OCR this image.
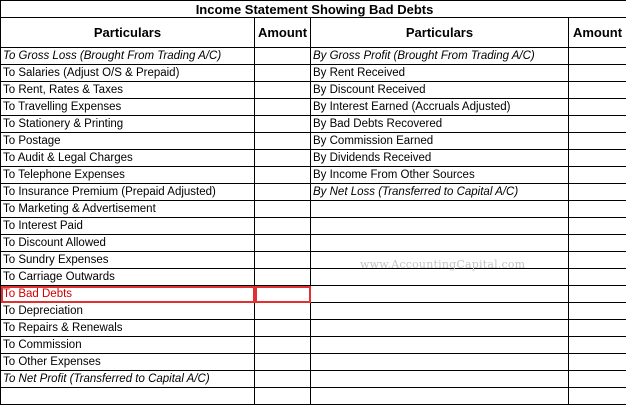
Income Statement Showing Bad Debts			
Particulars	Amount	Particulars	Amount
To Gross Loss (Brought From Trading A/C)		By Gross Profit (Brought From Trading A/C)	
To Salaries (Adjust O/S & Prepaid)		By Rent Received	
To Rent, Rates & Taxes		By Discount Received	
To Travelling Expenses		By Interest Earned (Accruals Adjusted)	
To Stationery & Printing		By Bad Debts Recovered	
To Postage		By Commission Earned	
To Audit & Legal Charges		By Dividends Received	
To Telephone Expenses		By Income From Other Sources	
To Insurance Premium (Prepaid Adjusted)		By Net Loss (Transferred to Capital A/C)	
To Marketing & Advertisement			
To Interest Paid			
To Discount Allowed			
To Sundry Expenses			
To Carriage Outwards			
To Bad Debts			
To Depreciation			
To Repairs & Renewals			
To Commission			
To Other Expenses			
To Net Profit (Transferred to Capital A/C)			

www.AccountingCapital.com
